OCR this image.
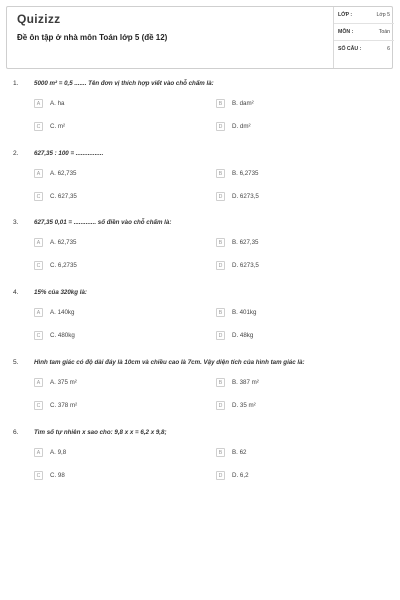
Quizizz
Đề ôn tập ở nhà môn Toán lớp 5 (đề 12)
LỚP :	Lớp 5
MÔN :	Toán
SỐ CÂU :	6
1.	5000 m² = 0,5 ....... Tên đơn vị thích hợp viết vào chỗ chấm là:
A	A. ha	B	B. dam²
C	C. m²	D	D. dm²
2.	627,35 : 100 = ................
A	A. 62,735	B	B. 6,2735
C	C. 627,35	D	D. 6273,5
3.	627,35 0,01 = ............. số điền vào chỗ chấm là:
A	A. 62,735	B	B. 627,35
C	C. 6,2735	D	D. 6273,5
4.	15% của 320kg là:
A	A. 140kg	B	B. 401kg
C	C. 480kg	D	D. 48kg
5.	Hình tam giác có độ dài đáy là 10cm và chiều cao là 7cm. Vậy diện tích của hình tam giác là:
A	A. 375 m²	B	B. 387 m²
C	C. 378 m²	D	D. 35 m²
6.	Tìm số tự nhiên x sao cho: 9,8 x x = 6,2 x 9,8;
A	A. 9,8	B	B. 62
C	C. 98	D	D. 6,2
